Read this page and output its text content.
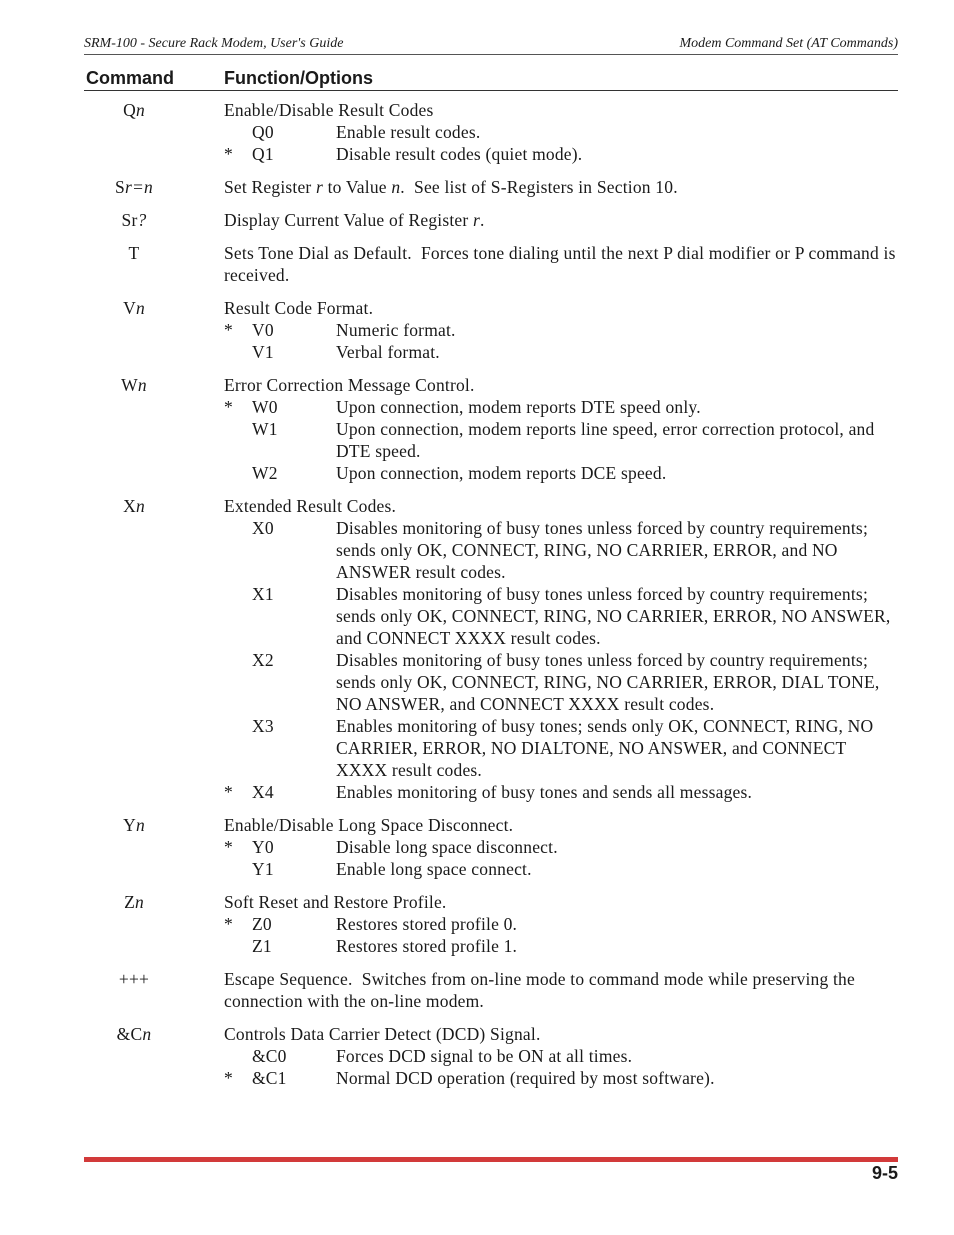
SRM-100 - Secure Rack Modem, User's Guide	Modem Command Set (AT Commands)
Command	Function/Options
Qn	Enable/Disable Result Codes
Q0	Enable result codes.
* Q1	Disable result codes (quiet mode).
Sr=n	Set Register r to Value n.  See list of S-Registers in Section 10.
Sr?	Display Current Value of Register r.
T	Sets Tone Dial as Default.  Forces tone dialing until the next P dial modifier or P command is received.
Vn	Result Code Format.
* V0	Numeric format.
V1	Verbal format.
Wn	Error Correction Message Control.
* W0	Upon connection, modem reports DTE speed only.
W1	Upon connection, modem reports line speed, error correction protocol, and DTE speed.
W2	Upon connection, modem reports DCE speed.
Xn	Extended Result Codes.
X0	Disables monitoring of busy tones unless forced by country requirements; sends only OK, CONNECT, RING, NO CARRIER, ERROR, and NO ANSWER result codes.
X1	Disables monitoring of busy tones unless forced by country requirements; sends only OK, CONNECT, RING, NO CARRIER, ERROR, NO ANSWER, and CONNECT XXXX result codes.
X2	Disables monitoring of busy tones unless forced by country requirements; sends only OK, CONNECT, RING, NO CARRIER, ERROR, DIAL TONE, NO ANSWER, and CONNECT XXXX result codes.
X3	Enables monitoring of busy tones; sends only OK, CONNECT, RING, NO CARRIER, ERROR, NO DIALTONE, NO ANSWER, and CONNECT XXXX result codes.
* X4	Enables monitoring of busy tones and sends all messages.
Yn	Enable/Disable Long Space Disconnect.
* Y0	Disable long space disconnect.
Y1	Enable long space connect.
Zn	Soft Reset and Restore Profile.
* Z0	Restores stored profile 0.
Z1	Restores stored profile 1.
+++	Escape Sequence.  Switches from on-line mode to command mode while preserving the connection with the on-line modem.
&Cn	Controls Data Carrier Detect (DCD) Signal.
&C0	Forces DCD signal to be ON at all times.
* &C1	Normal DCD operation (required by most software).
9-5
